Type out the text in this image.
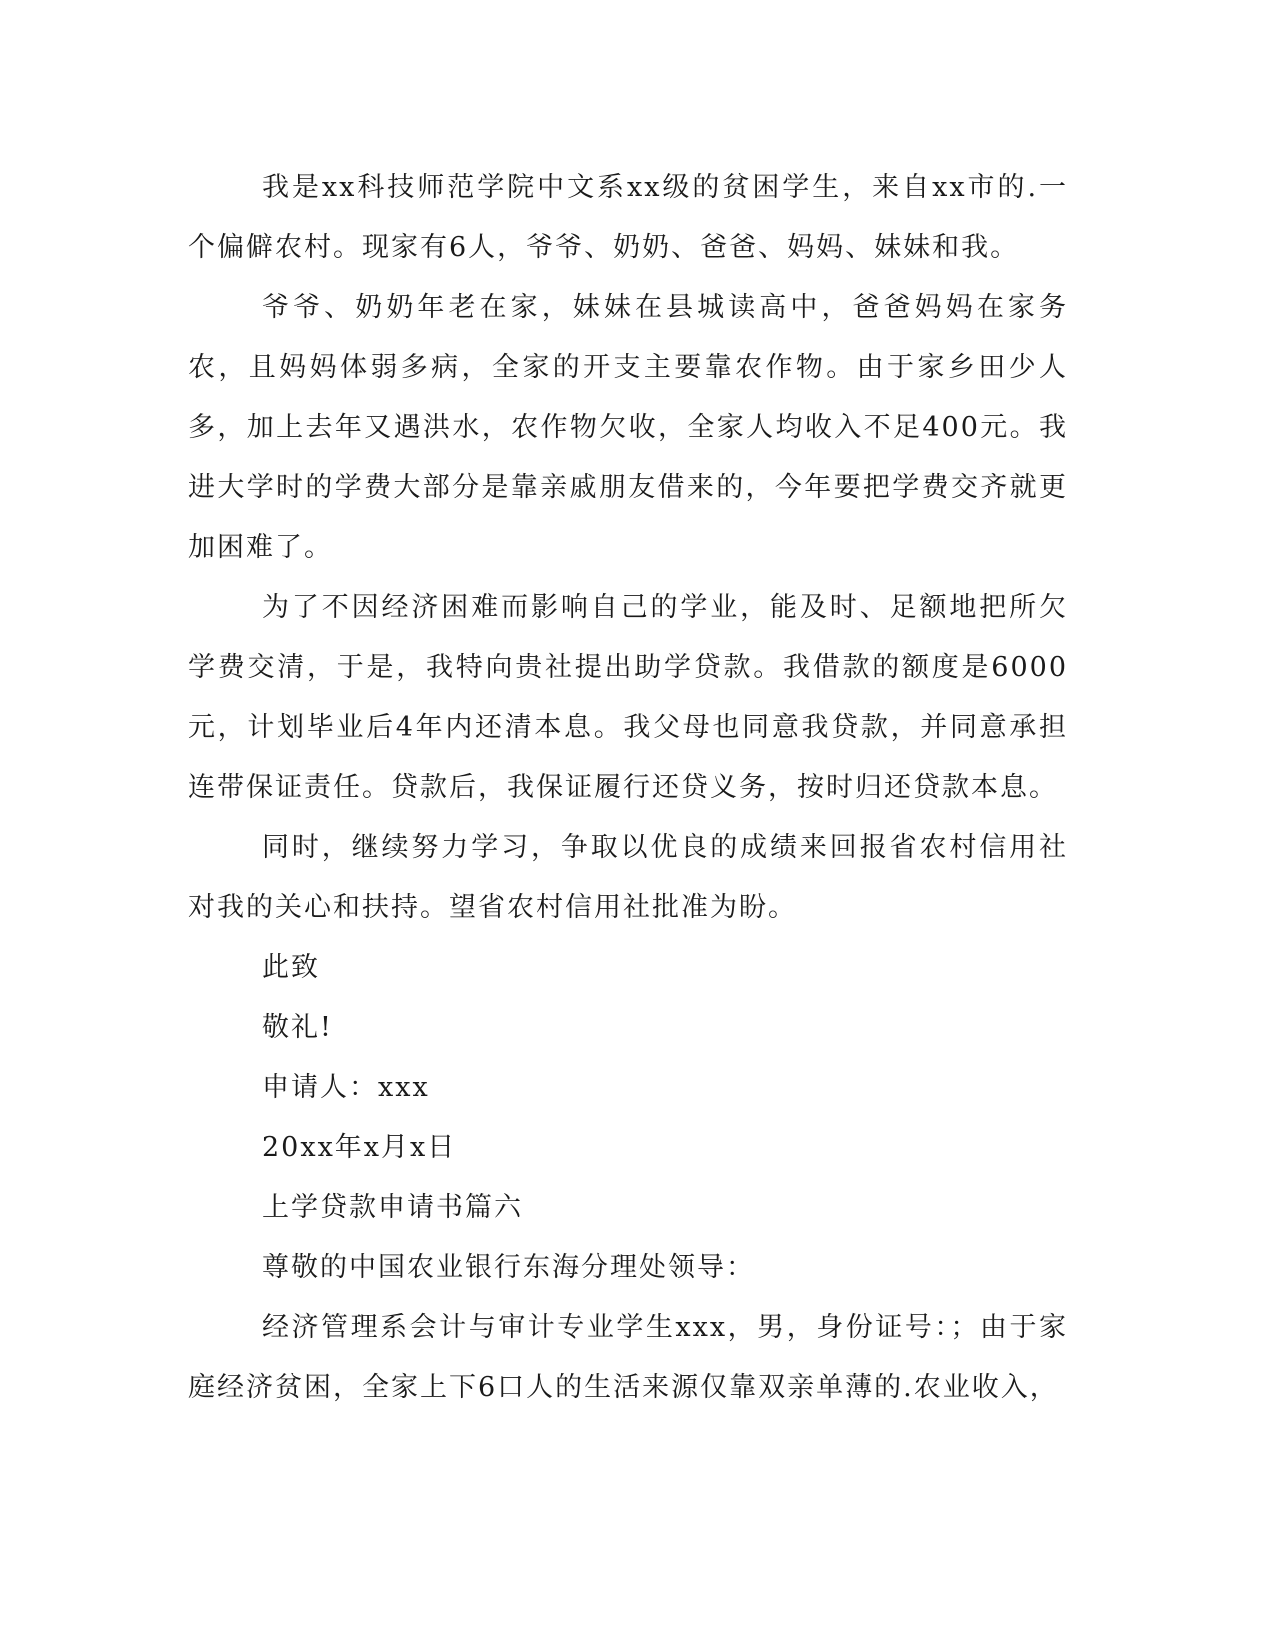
我是xx科技师范学院中文系xx级的贫困学生，来自xx市的.一个偏僻农村。现家有6人，爷爷、奶奶、爸爸、妈妈、妹妹和我。

爷爷、奶奶年老在家，妹妹在县城读高中，爸爸妈妈在家务农，且妈妈体弱多病，全家的开支主要靠农作物。由于家乡田少人多，加上去年又遇洪水，农作物欠收，全家人均收入不足400元。我进大学时的学费大部分是靠亲戚朋友借来的，今年要把学费交齐就更加困难了。

为了不因经济困难而影响自己的学业，能及时、足额地把所欠学费交清，于是，我特向贵社提出助学贷款。我借款的额度是6000元，计划毕业后4年内还清本息。我父母也同意我贷款，并同意承担连带保证责任。贷款后，我保证履行还贷义务，按时归还贷款本息。

同时，继续努力学习，争取以优良的成绩来回报省农村信用社对我的关心和扶持。望省农村信用社批准为盼。

此致

敬礼!

申请人：xxx

20xx年x月x日

上学贷款申请书篇六

尊敬的中国农业银行东海分理处领导：

经济管理系会计与审计专业学生xxx，男，身份证号：；由于家庭经济贫困，全家上下6口人的生活来源仅靠双亲单薄的.农业收入，
